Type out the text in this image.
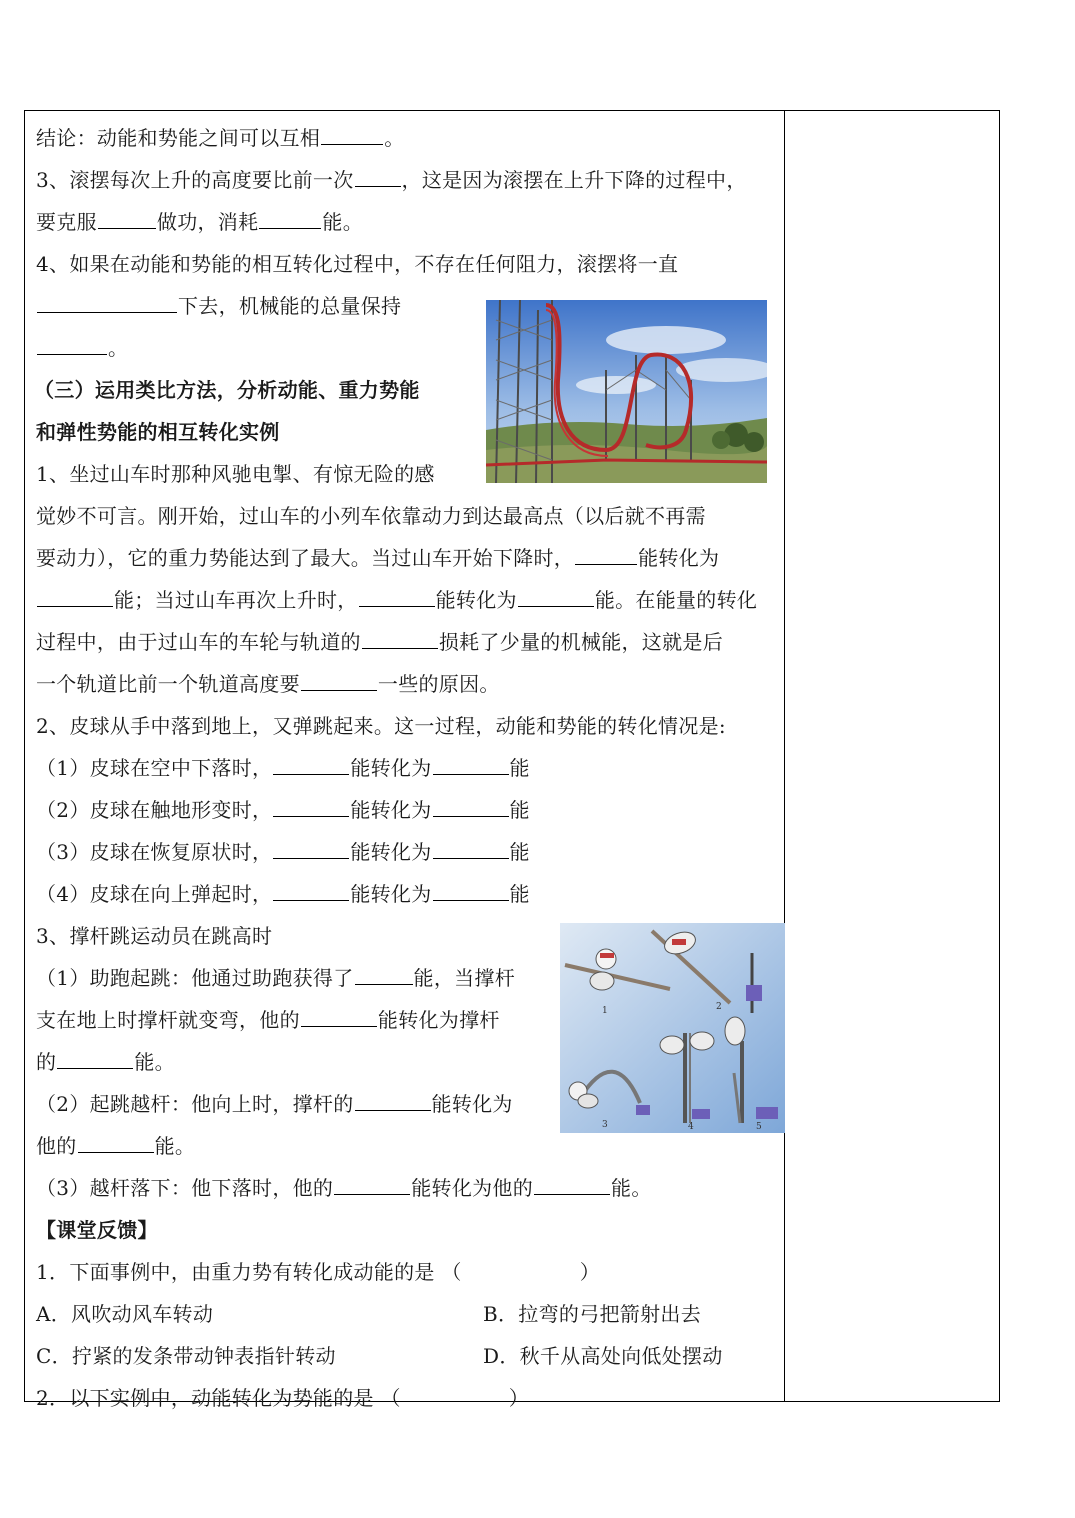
结论：动能和势能之间可以互相	。
3、滚摆每次上升的高度要比前一次 ，这是因为滚摆在上升下降的过程中，
要克服	做功，消耗	能。
4、如果在动能和势能的相互转化过程中，不存在任何阻力，滚摆将一直
下去，机械能的总量保持
。
（三）运用类比方法，分析动能、重力势能
和弹性势能的相互转化实例
1、坐过山车时那种风驰电掣、有惊无险的感
觉妙不可言。刚开始，过山车的小列车依靠动力到达最高点（以后就不再需
要动力），它的重力势能达到了最大。当过山车开始下降时，	能转化为
能；当过山车再次上升时，	能转化为	能。在能量的转化
过程中，由于过山车的车轮与轨道的	损耗了少量的机械能，这就是后
一个轨道比前一个轨道高度要	一些的原因。
2、皮球从手中落到地上，又弹跳起来。这一过程，动能和势能的转化情况是:
（1）皮球在空中下落时，	能转化为	能
（2）皮球在触地形变时，	能转化为	能
（3）皮球在恢复原状时，	能转化为	能
（4）皮球在向上弹起时，	能转化为	能
3、撑杆跳运动员在跳高时
（1）助跑起跳：他通过助跑获得了	能，当撑杆
支在地上时撑杆就变弯，他的	能转化为撑杆
的	能。
（2）起跳越杆：他向上时，撑杆的	能转化为
他的	能。
（3）越杆落下：他下落时，他的	能转化为他的	能。
【课堂反馈】
1．下面事例中，由重力势有转化成动能的是 （	）
A．风吹动风车转动	B．拉弯的弓把箭射出去
C．拧紧的发条带动钟表指针转动	D．秋千从高处向低处摆动
2．以下实例中，动能转化为势能的是 （	）
1	2
3	4	5
